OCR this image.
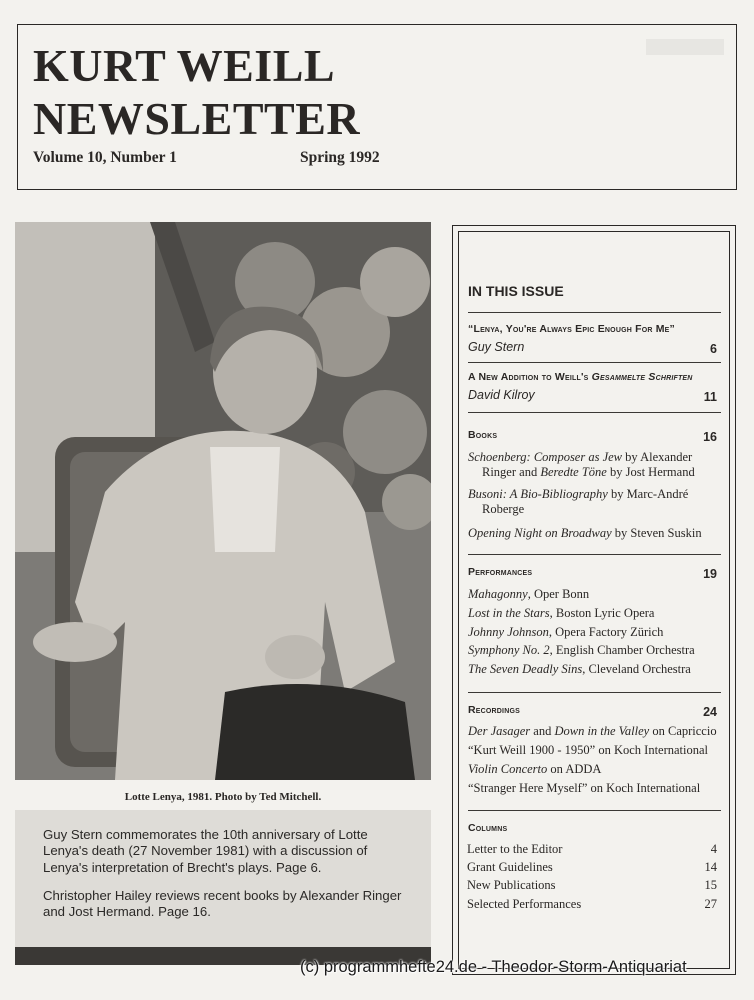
KURT WEILL
NEWSLETTER
Volume 10, Number 1	Spring 1992
Lotte Lenya, 1981. Photo by Ted Mitchell.

Guy Stern commemorates the 10th anniversary of Lotte Lenya's death (27 November 1981) with a discussion of Lenya's interpretation of Brecht's plays. Page 6.

Christopher Hailey reviews recent books by Alexander Ringer and Jost Hermand. Page 16.

IN THIS ISSUE
“Lenya, You're Always Epic Enough For Me”
Guy Stern	6
A New Addition to Weill's Gesammelte Schriften
David Kilroy	11
Books	16
Schoenberg: Composer as Jew by Alexander
Ringer and Beredte Töne by Jost Hermand
Busoni: A Bio-Bibliography by Marc-André
Roberge
Opening Night on Broadway by Steven Suskin
Performances	19
Mahagonny, Oper Bonn
Lost in the Stars, Boston Lyric Opera
Johnny Johnson, Opera Factory Zürich
Symphony No. 2, English Chamber Orchestra
The Seven Deadly Sins, Cleveland Orchestra
Recordings	24
Der Jasager and Down in the Valley on Capriccio
“Kurt Weill 1900 - 1950” on Koch International
Violin Concerto on ADDA
“Stranger Here Myself” on Koch International
Columns
Letter to the Editor	4
Grant Guidelines	14
New Publications	15
Selected Performances	27
(c) programmhefte24.de - Theodor-Storm-Antiquariat
